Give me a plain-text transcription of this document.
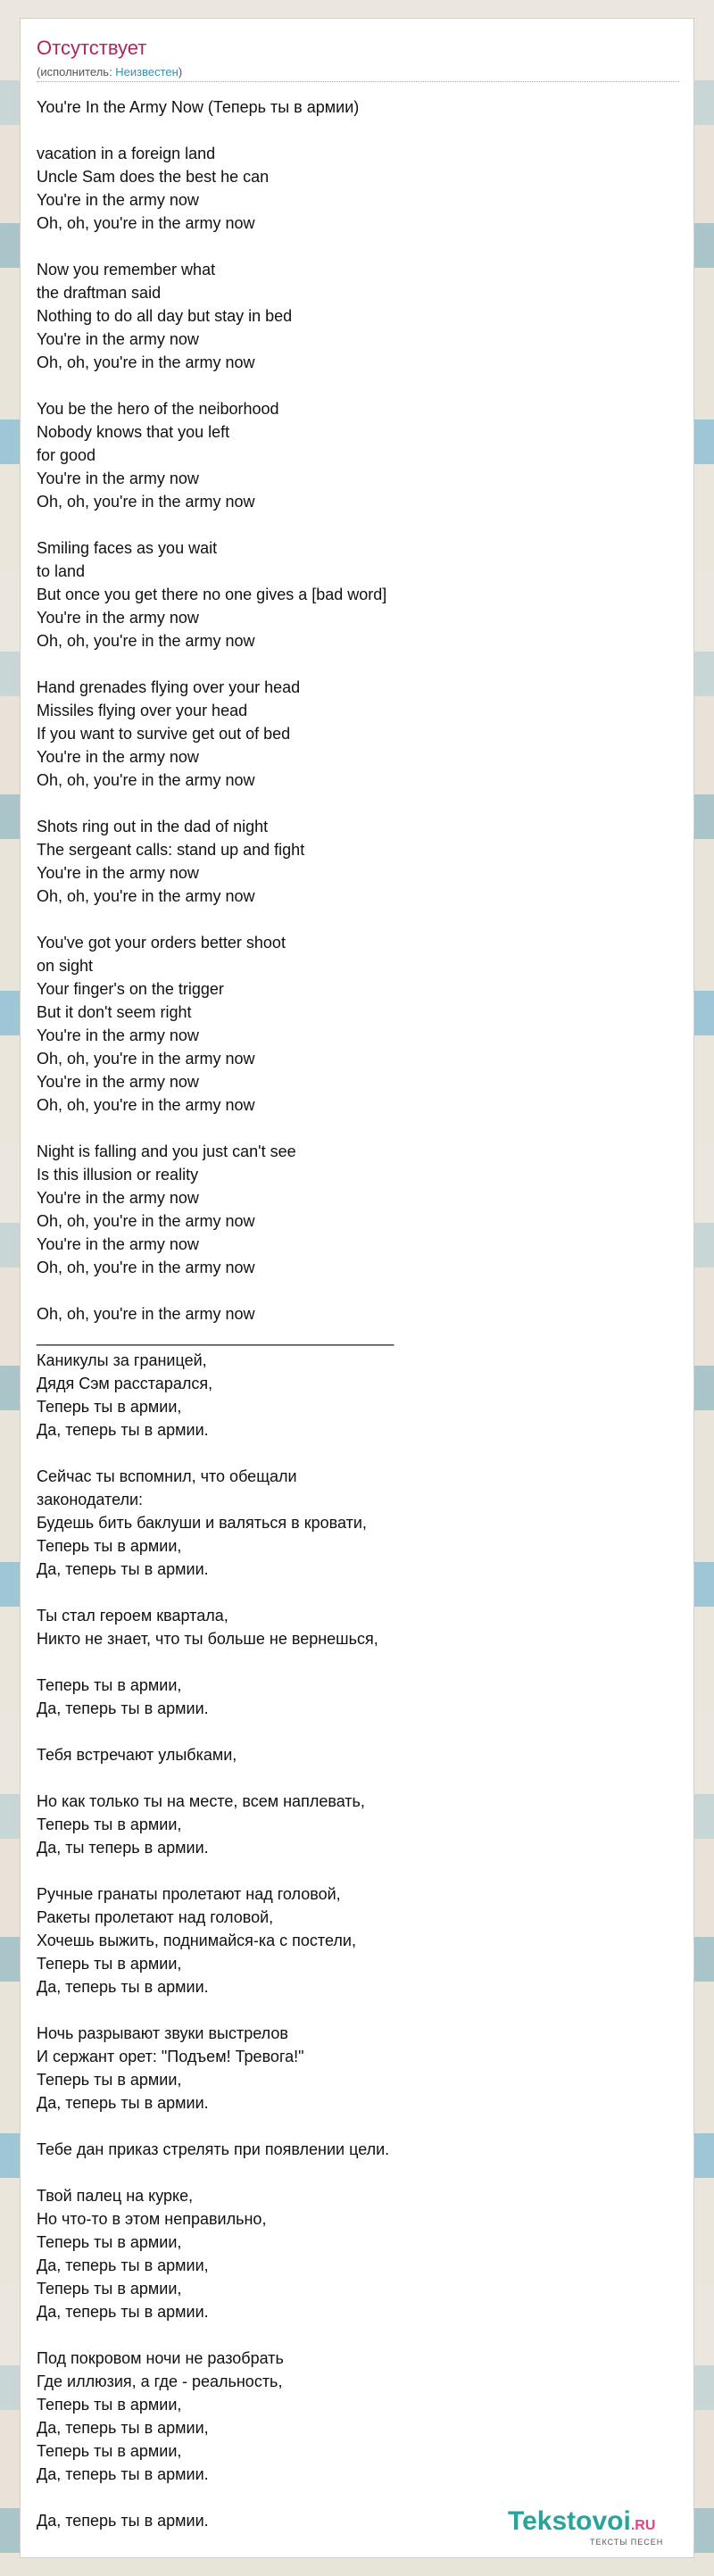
Отсутствует
(исполнитель: Неизвестен)
You're In the Army Now (Теперь ты в армии)
vacation in a foreign land
Uncle Sam does the best he can
You're in the army now
Oh, oh, you're in the army now
Now you remember what
the draftman said
Nothing to do all day but stay in bed
You're in the army now
Oh, oh, you're in the army now
You be the hero of the neiborhood
Nobody knows that you left
for good
You're in the army now
Oh, oh, you're in the army now
Smiling faces as you wait
to land
But once you get there no one gives a [bad word]
You're in the army now
Oh, oh, you're in the army now
Hand grenades flying over your head
Missiles flying over your head
If you want to survive get out of bed
You're in the army now
Oh, oh, you're in the army now
Shots ring out in the dad of night
The sergeant calls: stand up and fight
You're in the army now
Oh, oh, you're in the army now
You've got your orders better shoot
on sight
Your finger's on the trigger
But it don't seem right
You're in the army now
Oh, oh, you're in the army now
You're in the army now
Oh, oh, you're in the army now
Night is falling and you just can't see
Is this illusion or reality
You're in the army now
Oh, oh, you're in the army now
You're in the army now
Oh, oh, you're in the army now
Oh, oh, you're in the army now
________________________________________
Каникулы за границей,
Дядя Сэм расстарался,
Теперь ты в армии,
Да, теперь ты в армии.
Сейчас ты вспомнил, что обещали
законодатели:
Будешь бить баклуши и валяться в кровати,
Теперь ты в армии,
Да, теперь ты в армии.
Ты стал героем квартала,
Никто не знает, что ты больше не вернешься,
Теперь ты в армии,
Да, теперь ты в армии.
Тебя встречают улыбками,
Но как только ты на месте, всем наплевать,
Теперь ты в армии,
Да, ты теперь в армии.
Ручные гранаты пролетают над головой,
Ракеты пролетают над головой,
Хочешь выжить, поднимайся-ка с постели,
Теперь ты в армии,
Да, теперь ты в армии.
Ночь разрывают звуки выстрелов
И сержант орет: "Подъем! Тревога!"
Теперь ты в армии,
Да, теперь ты в армии.
Тебе дан приказ стрелять при появлении цели.
Твой палец на курке,
Но что-то в этом неправильно,
Теперь ты в армии,
Да, теперь ты в армии,
Теперь ты в армии,
Да, теперь ты в армии.
Под покровом ночи не разобрать
Где иллюзия, а где - реальность,
Теперь ты в армии,
Да, теперь ты в армии,
Теперь ты в армии,
Да, теперь ты в армии.
Да, теперь ты в армии.	Tekstovoi.RU
ТЕКСТЫ ПЕСЕН
